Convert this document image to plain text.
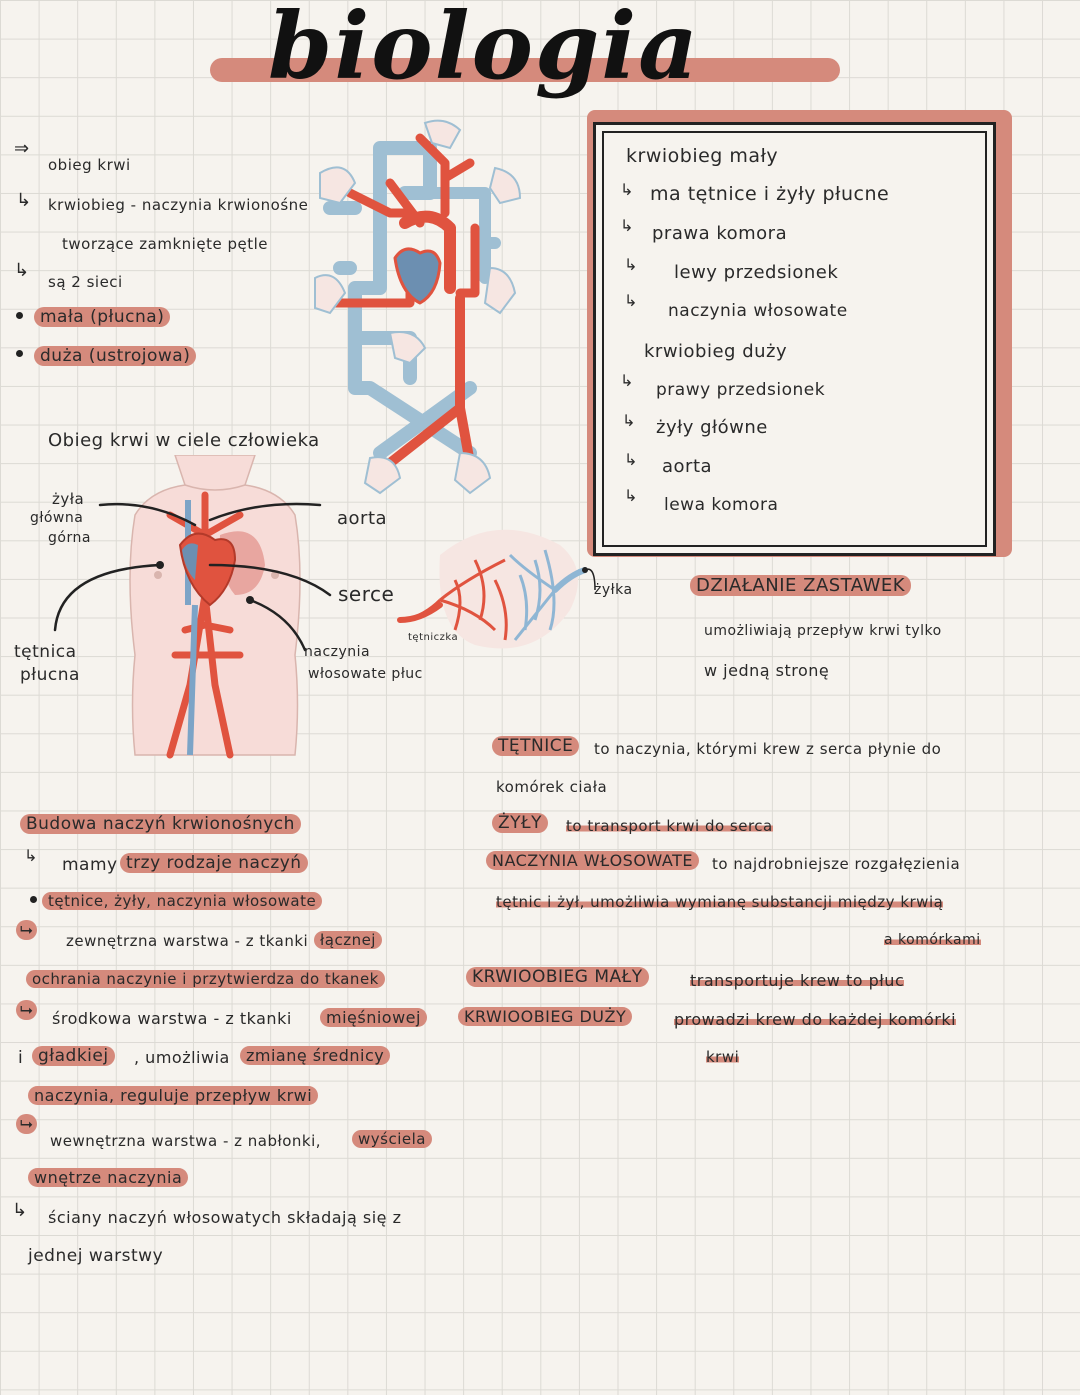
biologia
⇒
obieg krwi
↳ krwiobieg - naczynia krwionośne
tworzące zamknięte pętle
↳
są 2 sieci
mała (płucna)
duża (ustrojowa)
Obieg krwi w ciele człowieka
żyła
główna
górna
aorta
serce
naczynia
włosowate płuc
tętnica
płucna
żyłka
tętniczka
krwiobieg mały
↳ ma tętnice i żyły płucne
↳ prawa komora
↳ lewy przedsionek
↳
naczynia włosowate
krwiobieg duży
↳ prawy przedsionek
↳ żyły główne
↳ aorta
↳ lewa komora
DZIAŁANIE ZASTAWEK
umożliwiają przepływ krwi tylko
w jedną stronę
TĘTNICE	to naczynia, którymi krew z serca płynie do
komórek ciała
ŻYŁY	to transport krwi do serca
NACZYNIA WŁOSOWATE	to najdrobniejsze rozgałęzienia
tętnic i żył, umożliwia wymianę substancji między krwią
a komórkami
KRWIOOBIEG MAŁY	transportuje krew to płuc
KRWIOOBIEG DUŻY	prowadzi krew do każdej komórki
krwi
Budowa naczyń krwionośnych
↳ mamy trzy rodzaje naczyń
tętnice, żyły, naczynia włosowate
⮡
zewnętrzna warstwa - z tkanki łącznej
ochrania naczynie i przytwierdza do tkanek
⮡ środkowa warstwa - z tkanki	mięśniowej
i gładkiej	, umożliwia	zmianę średnicy
naczynia, reguluje przepływ krwi
⮡
wewnętrzna warstwa - z nabłonki,	wyściela
wnętrze naczynia
↳ ściany naczyń włosowatych składają się z
jednej warstwy
